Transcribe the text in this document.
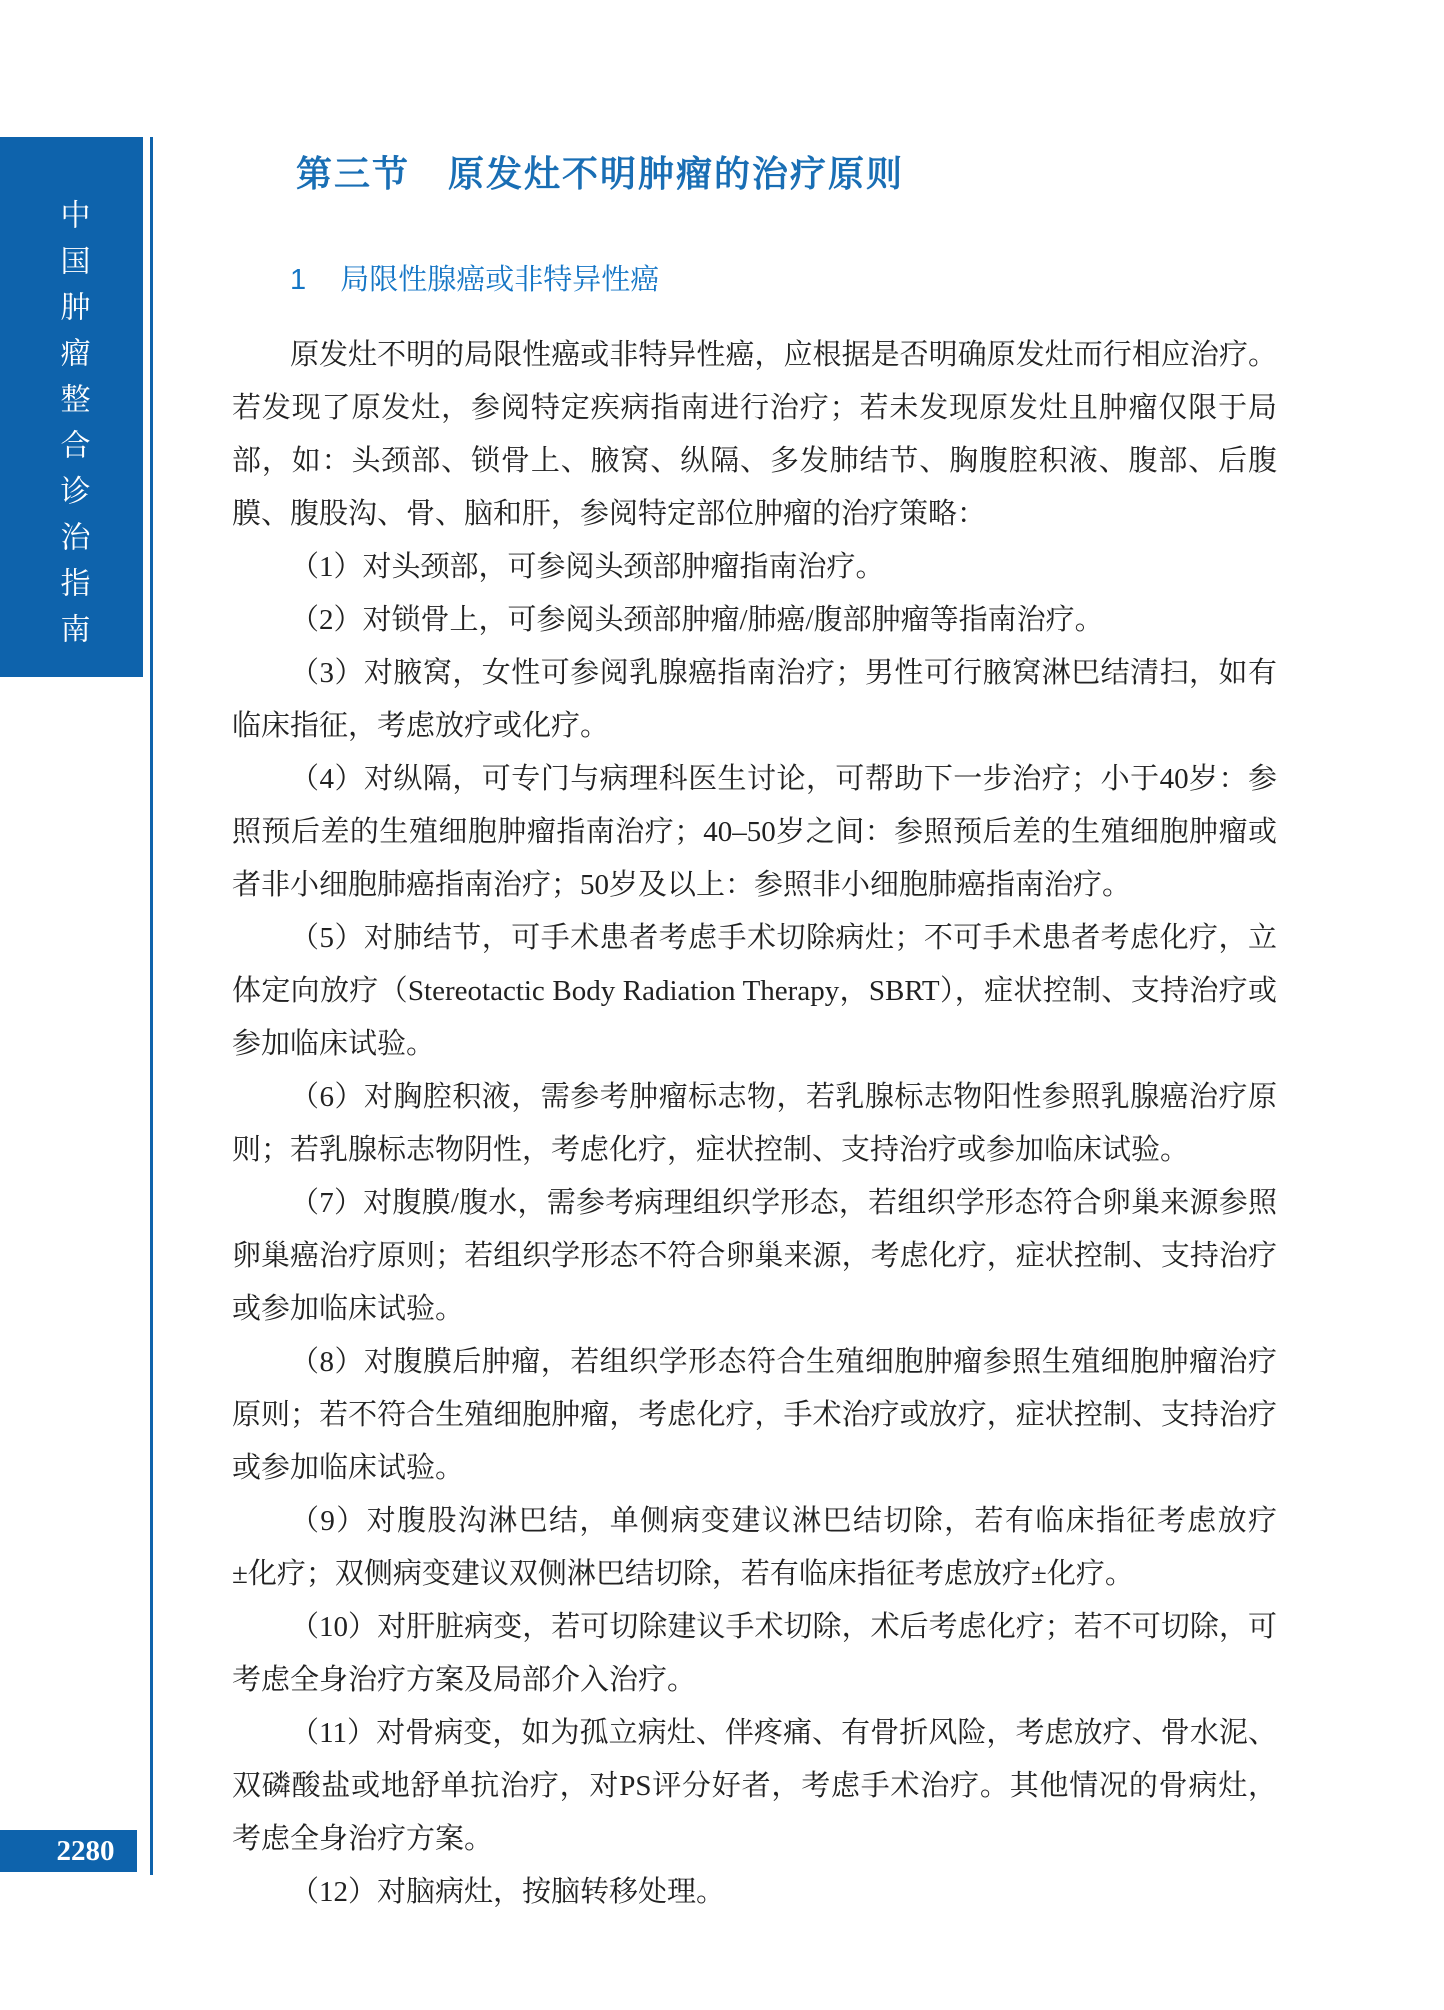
中国肿瘤整合诊治指南
2280
第三节　原发灶不明肿瘤的治疗原则
1 局限性腺癌或非特异性癌

原发灶不明的局限性癌或非特异性癌，应根据是否明确原发灶而行相应治疗。若发现了原发灶，参阅特定疾病指南进行治疗；若未发现原发灶且肿瘤仅限于局部，如：头颈部、锁骨上、腋窝、纵隔、多发肺结节、胸腹腔积液、腹部、后腹膜、腹股沟、骨、脑和肝，参阅特定部位肿瘤的治疗策略：

（1）对头颈部，可参阅头颈部肿瘤指南治疗。

（2）对锁骨上，可参阅头颈部肿瘤/肺癌/腹部肿瘤等指南治疗。

（3）对腋窝，女性可参阅乳腺癌指南治疗；男性可行腋窝淋巴结清扫，如有临床指征，考虑放疗或化疗。

（4）对纵隔，可专门与病理科医生讨论，可帮助下一步治疗；小于40岁：参照预后差的生殖细胞肿瘤指南治疗；40–50岁之间：参照预后差的生殖细胞肿瘤或者非小细胞肺癌指南治疗；50岁及以上：参照非小细胞肺癌指南治疗。

（5）对肺结节，可手术患者考虑手术切除病灶；不可手术患者考虑化疗，立体定向放疗（Stereotactic Body Radiation Therapy，SBRT），症状控制、支持治疗或参加临床试验。

（6）对胸腔积液，需参考肿瘤标志物，若乳腺标志物阳性参照乳腺癌治疗原则；若乳腺标志物阴性，考虑化疗，症状控制、支持治疗或参加临床试验。

（7）对腹膜/腹水，需参考病理组织学形态，若组织学形态符合卵巢来源参照卵巢癌治疗原则；若组织学形态不符合卵巢来源，考虑化疗，症状控制、支持治疗或参加临床试验。

（8）对腹膜后肿瘤，若组织学形态符合生殖细胞肿瘤参照生殖细胞肿瘤治疗原则；若不符合生殖细胞肿瘤，考虑化疗，手术治疗或放疗，症状控制、支持治疗或参加临床试验。

（9）对腹股沟淋巴结，单侧病变建议淋巴结切除，若有临床指征考虑放疗±化疗；双侧病变建议双侧淋巴结切除，若有临床指征考虑放疗±化疗。

（10）对肝脏病变，若可切除建议手术切除，术后考虑化疗；若不可切除，可考虑全身治疗方案及局部介入治疗。

（11）对骨病变，如为孤立病灶、伴疼痛、有骨折风险，考虑放疗、骨水泥、双磷酸盐或地舒单抗治疗，对PS评分好者，考虑手术治疗。其他情况的骨病灶，考虑全身治疗方案。

（12）对脑病灶，按脑转移处理。
